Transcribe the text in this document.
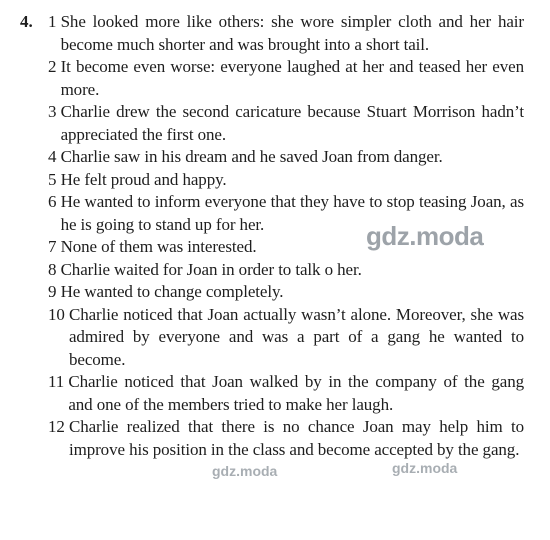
4. 1
She looked more like others: she wore simpler cloth and her hair become much shorter and was brought into a short tail.
2
It become even worse: everyone laughed at her and teased her even more.
3
Charlie drew the second caricature because Stuart Morrison hadn’t appreciated the first one.
4
Charlie saw in his dream and he saved Joan from danger.
5
He felt proud and happy.
6
He wanted to inform everyone that they have to stop teasing Joan, as he is going to stand up for her.
7
None of them was interested.
8
Charlie waited for Joan in order to talk o her.
9
He wanted to change completely.
10
Charlie noticed that Joan actually wasn’t alone. Moreover, she was admired by everyone and was a part of a gang he wanted to become.
11
Charlie noticed that Joan walked by in the company of the gang and one of the members tried to make her laugh.
12
Charlie realized that there is no chance Joan may help him to improve his position in the class and become accepted by the gang.
gdz.moda
gdz.moda	gdz.moda
